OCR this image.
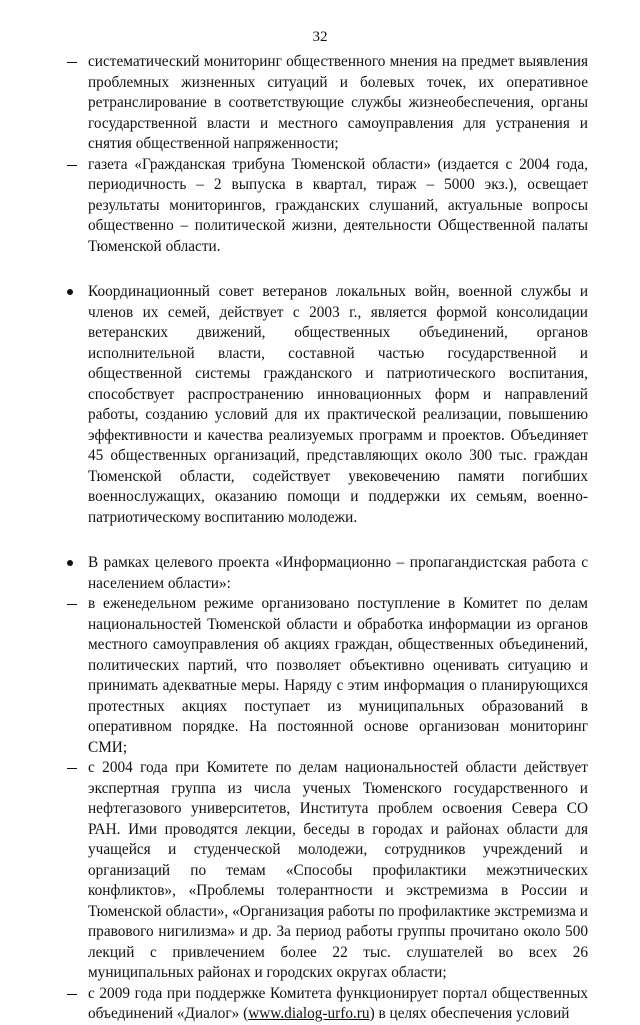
32
систематический мониторинг общественного мнения на предмет выявления проблемных жизненных ситуаций и болевых точек, их оперативное ретранслирование в соответствующие службы жизнеобеспечения, органы государственной власти и местного самоуправления для устранения и снятия общественной напряженности;
газета «Гражданская трибуна Тюменской области» (издается с 2004 года, периодичность – 2 выпуска в квартал, тираж – 5000 экз.), освещает результаты мониторингов, гражданских слушаний, актуальные вопросы общественно – политической жизни, деятельности Общественной палаты Тюменской области.
Координационный совет ветеранов локальных войн, военной службы и членов их семей, действует с 2003 г., является формой консолидации ветеранских движений, общественных объединений, органов исполнительной власти, составной частью государственной и общественной системы гражданского и патриотического воспитания, способствует распространению инновационных форм и направлений работы, созданию условий для их практической реализации, повышению эффективности и качества реализуемых программ и проектов. Объединяет 45 общественных организаций, представляющих около 300 тыс. граждан Тюменской области, содействует увековечению памяти погибших военнослужащих, оказанию помощи и поддержки их семьям, военно-патриотическому воспитанию молодежи.
В рамках целевого проекта «Информационно – пропагандистская работа с населением области»:
в еженедельном режиме организовано поступление в Комитет по делам национальностей Тюменской области и обработка информации из органов местного самоуправления об акциях граждан, общественных объединений, политических партий, что позволяет объективно оценивать ситуацию и принимать адекватные меры. Наряду с этим информация о планирующихся протестных акциях поступает из муниципальных образований в оперативном порядке. На постоянной основе организован мониторинг СМИ;
с 2004 года при Комитете по делам национальностей области действует экспертная группа из числа ученых Тюменского государственного и нефтегазового университетов, Института проблем освоения Севера СО РАН. Ими проводятся лекции, беседы в городах и районах области для учащейся и студенческой молодежи, сотрудников учреждений и организаций по темам «Способы профилактики межэтнических конфликтов», «Проблемы толерантности и экстремизма в России и Тюменской области», «Организация работы по профилактике экстремизма и правового нигилизма» и др. За период работы группы прочитано около 500 лекций с привлечением более 22 тыс. слушателей во всех 26 муниципальных районах и городских округах области;
с 2009 года при поддержке Комитета функционирует портал общественных объединений «Диалог» (www.dialog-urfo.ru) в целях обеспечения условий
